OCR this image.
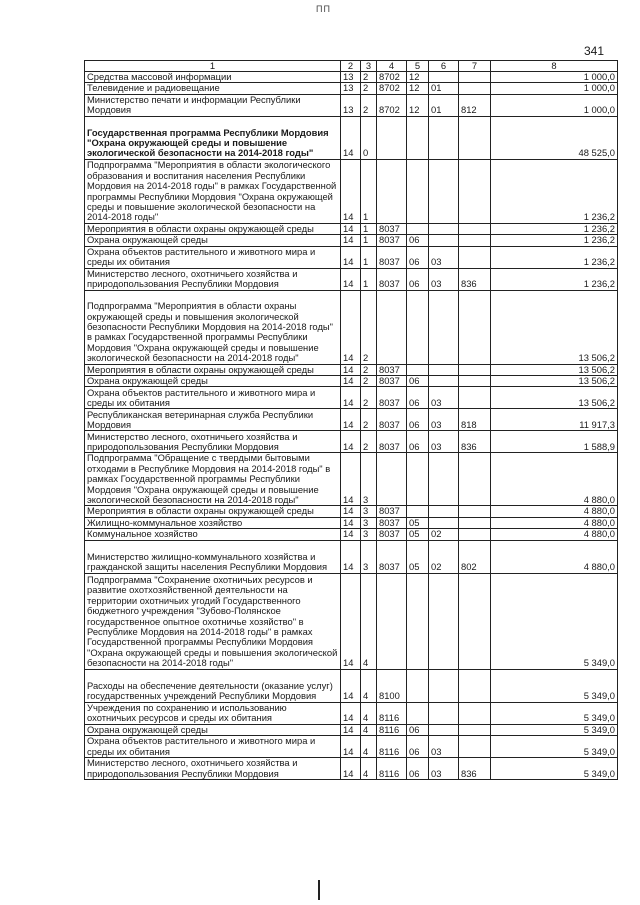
ПП
341
1	2	3	4	5	6	7	8
Средства массовой информации	13	2	8702	12			1 000,0
Телевидение и радиовещание	13	2	8702	12	01		1 000,0
Министерство печати и информации Республики Мордовия	13	2	8702	12	01	812	1 000,0
Государственная программа Республики Мордовия "Охрана окружающей среды и повышение экологической безопасности на 2014-2018 годы"	14	0					48 525,0
Подпрограмма "Мероприятия в области экологического образования и воспитания населения Республики Мордовия на 2014-2018 годы" в рамках Государственной программы Республики Мордовия "Охрана окружающей среды и повышение экологической безопасности на 2014-2018 годы"	14	1					1 236,2
Мероприятия в области охраны окружающей среды	14	1	8037				1 236,2
Охрана окружающей среды	14	1	8037	06			1 236,2
Охрана объектов растительного и животного мира и среды их обитания	14	1	8037	06	03		1 236,2
Министерство лесного, охотничьего хозяйства и природопользования Республики Мордовия	14	1	8037	06	03	836	1 236,2
Подпрограмма "Мероприятия в области охраны окружающей среды и повышения экологической безопасности Республики Мордовия на 2014-2018 годы" в рамках Государственной программы Республики Мордовия "Охрана окружающей среды и повышение экологической безопасности на 2014-2018 годы"	14	2					13 506,2
Мероприятия в области охраны окружающей среды	14	2	8037				13 506,2
Охрана окружающей среды	14	2	8037	06			13 506,2
Охрана объектов растительного и животного мира и среды их обитания	14	2	8037	06	03		13 506,2
Республиканская ветеринарная служба Республики Мордовия	14	2	8037	06	03	818	11 917,3
Министерство лесного, охотничьего хозяйства и природопользования Республики Мордовия	14	2	8037	06	03	836	1 588,9
Подпрограмма "Обращение с твердыми бытовыми отходами в Республике Мордовия на 2014-2018 годы" в рамках Государственной программы Республики Мордовия "Охрана окружающей среды и повышение экологической безопасности на 2014-2018 годы"	14	3					4 880,0
Мероприятия в области охраны окружающей среды	14	3	8037				4 880,0
Жилищно-коммунальное хозяйство	14	3	8037	05			4 880,0
Коммунальное хозяйство	14	3	8037	05	02		4 880,0
Министерство жилищно-коммунального хозяйства и гражданской защиты населения Республики Мордовия	14	3	8037	05	02	802	4 880,0
Подпрограмма "Сохранение охотничьих ресурсов и развитие охотхозяйственной деятельности на территории охотничьих угодий Государственного бюджетного учреждения "Зубово-Полянское государственное опытное охотничье хозяйство" в Республике Мордовия на 2014-2018 годы" в рамках Государственной программы Республики Мордовия "Охрана окружающей среды и повышения экологической безопасности на 2014-2018 годы"	14	4					5 349,0
Расходы на обеспечение деятельности (оказание услуг) государственных учреждений Республики Мордовия	14	4	8100				5 349,0
Учреждения по сохранению и использованию охотничьих ресурсов и среды их обитания	14	4	8116				5 349,0
Охрана окружающей среды	14	4	8116	06			5 349,0
Охрана объектов растительного и животного мира и среды их обитания	14	4	8116	06	03		5 349,0
Министерство лесного, охотничьего хозяйства и природопользования Республики Мордовия	14	4	8116	06	03	836	5 349,0
